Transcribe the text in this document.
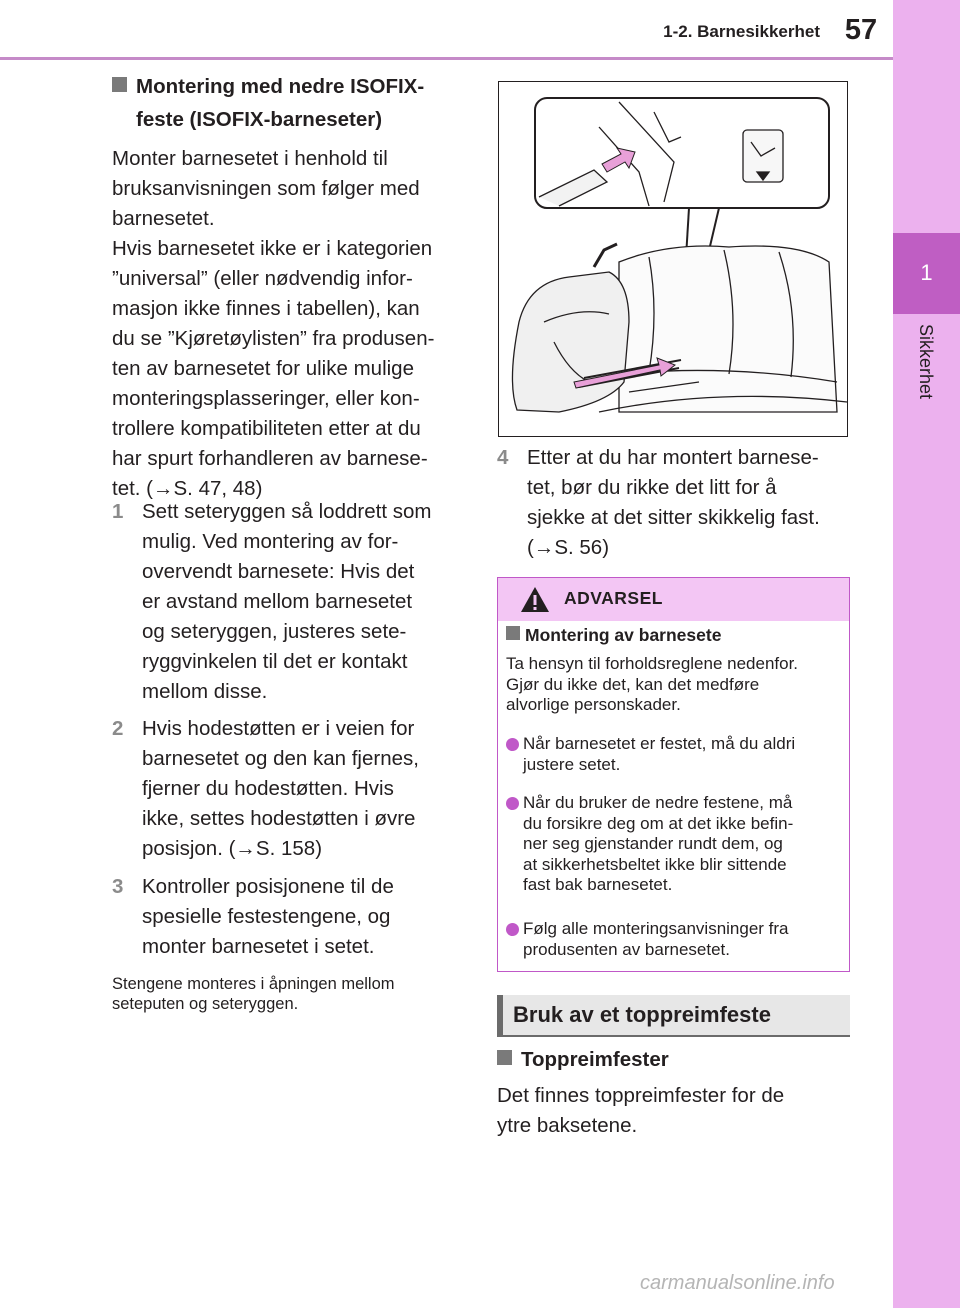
1-2. Barnesikkerhet 57
1
Sikkerhet
Montering med nedre ISOFIX-
feste (ISOFIX-barneseter)
Monter barnesetet i henhold til
bruksanvisningen som følger med
barnesetet.
Hvis barnesetet ikke er i kategorien
”universal” (eller nødvendig infor-
masjon ikke finnes i tabellen), kan
du se ”Kjøretøylisten” fra produsen-
ten av barnesetet for ulike mulige
monteringsplasseringer, eller kon-
trollere kompatibiliteten etter at du
har spurt forhandleren av barnese-
tet. (→S. 47, 48)
1 Sett seteryggen så loddrett som
mulig. Ved montering av for-
overvendt barnesete: Hvis det
er avstand mellom barnesetet
og seteryggen, justeres sete-
ryggvinkelen til det er kontakt
mellom disse.
2 Hvis hodestøtten er i veien for
barnesetet og den kan fjernes,
fjerner du hodestøtten. Hvis
ikke, settes hodestøtten i øvre
posisjon. (→S. 158)
3 Kontroller posisjonene til de
spesielle festestengene, og
monter barnesetet i setet.
Stengene monteres i åpningen mellom
seteputen og seteryggen.
4 Etter at du har montert barnese-
tet, bør du rikke det litt for å
sjekke at det sitter skikkelig fast.
(→S. 56)
ADVARSEL
Montering av barnesete
Ta hensyn til forholdsreglene nedenfor.
Gjør du ikke det, kan det medføre
alvorlige personskader.
Når barnesetet er festet, må du aldri
justere setet.
Når du bruker de nedre festene, må
du forsikre deg om at det ikke befin-
ner seg gjenstander rundt dem, og
at sikkerhetsbeltet ikke blir sittende
fast bak barnesetet.
Følg alle monteringsanvisninger fra
produsenten av barnesetet.
Bruk av et toppreimfeste
Toppreimfester
Det finnes toppreimfester for de
ytre baksetene.
carmanualsonline.info
